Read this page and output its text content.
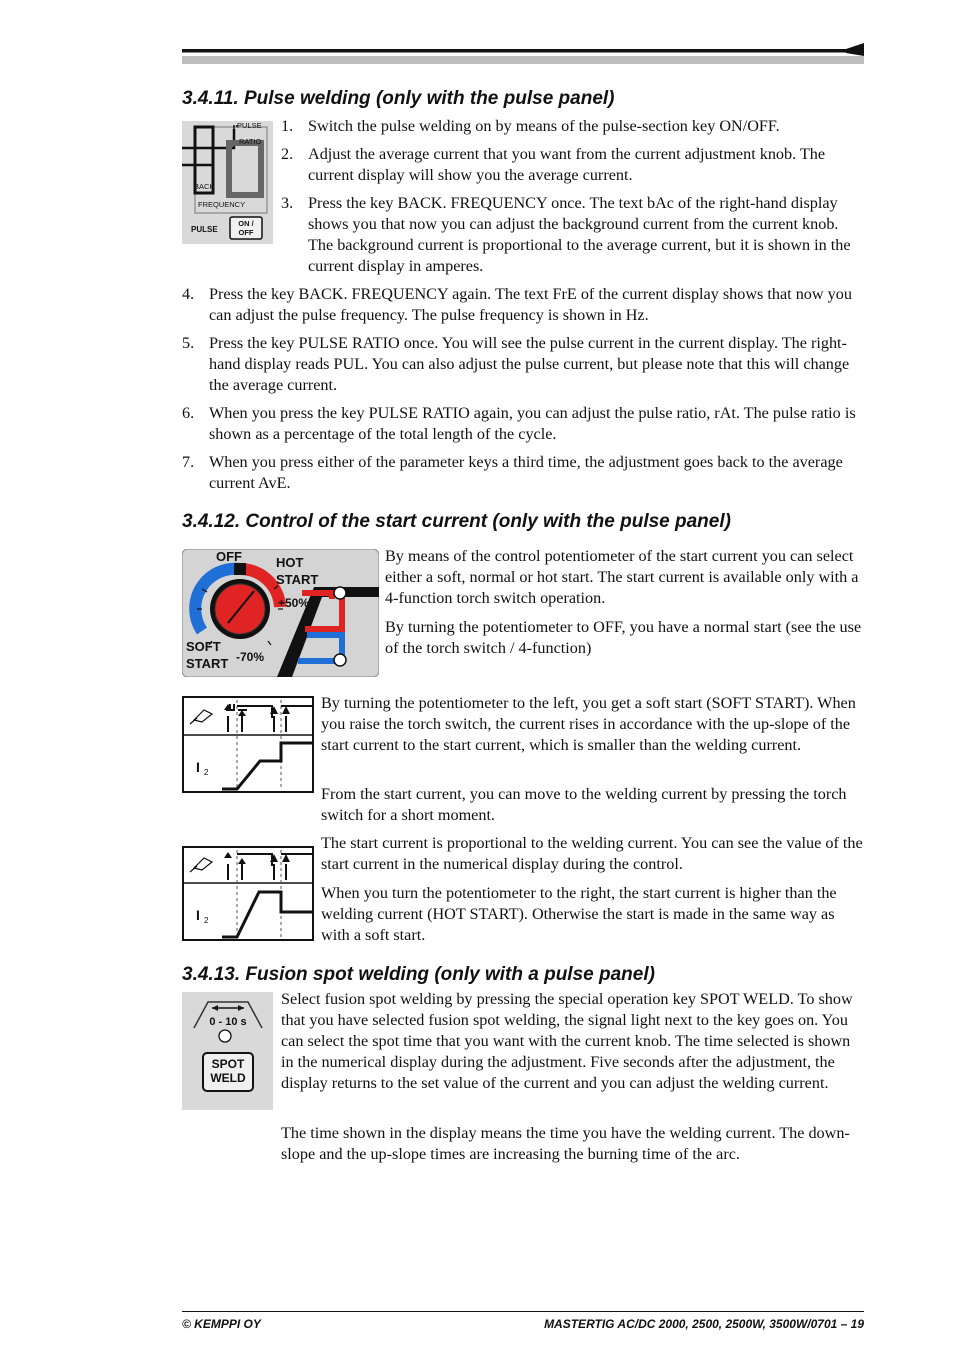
3.4.11. Pulse welding (only with the pulse panel)
PULSE
RATIO
BACK
FREQUENCY
PULSE
ON /
OFF
1. Switch the pulse welding on by means of the pulse-section key ON/OFF.
2. Adjust the average current that you want from the current adjustment knob. The current display will show you the average current.
3. Press the key BACK. FREQUENCY once. The text bAc of the right-hand display shows you that now you can adjust the background current from the current knob. The background current is proportional to the average current, but it is shown in the current display in amperes.
4. Press the key BACK. FREQUENCY again. The text FrE of the current display shows that now you can adjust the pulse frequency. The pulse frequency is shown in Hz.
5. Press the key PULSE RATIO once. You will see the pulse current in the current display. The right-hand display reads PUL. You can also adjust the pulse current, but please note that this will change the average current.
6. When you press the key PULSE RATIO again, you can adjust the pulse ratio, rAt. The pulse ratio is shown as a percentage of the total length of the cycle.
7. When you press either of the parameter keys a third time, the adjustment goes back to the average current AvE.
3.4.12. Control of the start current (only with the pulse panel)
OFF	HOT
START
+50%
SOFT
START -70%
By means of the control potentiometer of the start current you can select either a soft, normal or hot start. The start current is available only with a 4-function torch switch operation.
By turning the potentiometer to OFF, you have a normal start (see the use of the torch switch / 4-function)
I 2
By turning the potentiometer to the left, you get a soft start (SOFT START). When you raise the torch switch, the current rises in accordance with the up-slope of the start current to the start current, which is smaller than the welding current.
From the start current, you can move to the welding current by pressing the torch switch for a short moment.
I 2
The start current is proportional to the welding current. You can see the value of the start current in the numerical display during the control.
When you turn the potentiometer to the right, the start current is higher than the welding current (HOT START). Otherwise the start is made in the same way as with a soft start.
3.4.13. Fusion spot welding (only with a pulse panel)
0 - 10 s
SPOT
WELD
Select fusion spot welding by pressing the special operation key SPOT WELD. To show that you have selected fusion spot welding, the signal light next to the key goes on. You can select the spot time that you want with the current knob. The time selected is shown in the numerical display during the adjustment. Five seconds after the adjustment, the display returns to the set value of the current and you can adjust the welding current.
The time shown in the display means the time you have the welding current. The down-slope and the up-slope times are increasing the burning time of the arc.
© KEMPPI OY	MASTERTIG AC/DC 2000, 2500, 2500W, 3500W/0701 – 19
